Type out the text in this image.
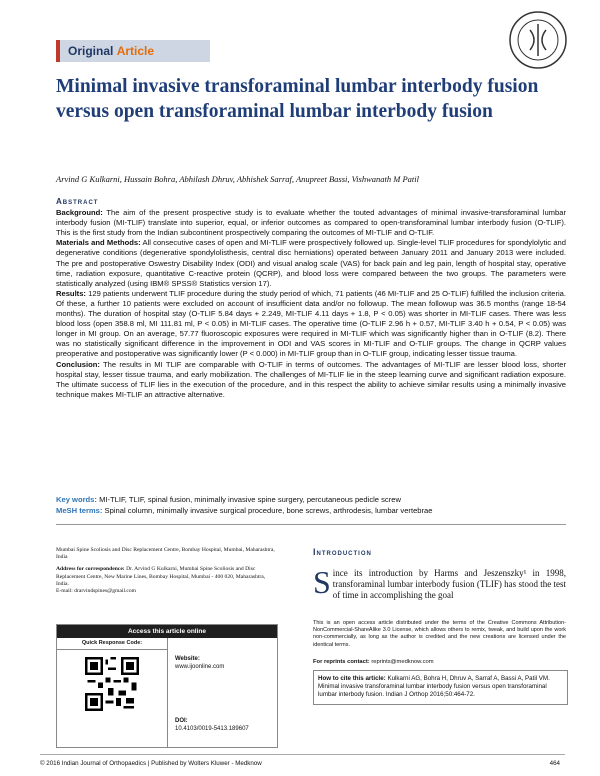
Original Article
Minimal invasive transforaminal lumbar interbody fusion versus open transforaminal lumbar interbody fusion
Arvind G Kulkarni, Hussain Bohra, Abhilash Dhruv, Abhishek Sarraf, Anupreet Bassi, Vishwanath M Patil
Abstract

Background: The aim of the present prospective study is to evaluate whether the touted advantages of minimal invasive-transforaminal lumbar interbody fusion (MI-TLIF) translate into superior, equal, or inferior outcomes as compared to open-transforaminal lumbar interbody fusion (O-TLIF). This is the first study from the Indian subcontinent prospectively comparing the outcomes of MI-TLIF and O-TLIF.

Materials and Methods: All consecutive cases of open and MI-TLIF were prospectively followed up. Single-level TLIF procedures for spondylolytic and degenerative conditions (degenerative spondylolisthesis, central disc herniations) operated between January 2011 and January 2013 were included. The pre and postoperative Oswestry Disability Index (ODI) and visual analog scale (VAS) for back pain and leg pain, length of hospital stay, operative time, radiation exposure, quantitative C-reactive protein (QCRP), and blood loss were compared between the two groups. The parameters were statistically analyzed (using IBM® SPSS® Statistics version 17).

Results: 129 patients underwent TLIF procedure during the study period of which, 71 patients (46 MI-TLIF and 25 O-TLIF) fulfilled the inclusion criteria. Of these, a further 10 patients were excluded on account of insufficient data and/or no followup. The mean followup was 36.5 months (range 18-54 months). The duration of hospital stay (O-TLIF 5.84 days + 2.249, MI-TLIF 4.11 days + 1.8, P < 0.05) was shorter in MI-TLIF cases. There was less blood loss (open 358.8 ml, MI 111.81 ml, P < 0.05) in MI-TLIF cases. The operative time (O-TLIF 2.96 h + 0.57, MI-TLIF 3.40 h + 0.54, P < 0.05) was longer in MI group. On an average, 57.77 fluoroscopic exposures were required in MI-TLIF which was significantly higher than in O-TLIF (8.2). There was no statistically significant difference in the improvement in ODI and VAS scores in MI-TLIF and O-TLIF groups. The change in QCRP values preoperative and postoperative was significantly lower (P < 0.000) in MI-TLIF group than in O-TLIF group, indicating lesser tissue trauma.

Conclusion: The results in MI TLIF are comparable with O-TLIF in terms of outcomes. The advantages of MI-TLIF are lesser blood loss, shorter hospital stay, lesser tissue trauma, and early mobilization. The challenges of MI-TLIF lie in the steep learning curve and significant radiation exposure. The ultimate success of TLIF lies in the execution of the procedure, and in this respect the ability to achieve similar results using a minimally invasive technique makes MI-TLIF an attractive alternative.

Key words: MI-TLIF, TLIF, spinal fusion, minimally invasive spine surgery, percutaneous pedicle screw
MeSH terms: Spinal column, minimally invasive surgical procedure, bone screws, arthrodesis, lumbar vertebrae

Mumbai Spine Scoliosis and Disc Replacement Centre, Bombay Hospital, Mumbai, Maharashtra, India

Address for correspondence: Dr. Arvind G Kulkarni, Mumbai Spine Scoliosis and Disc Replacement Centre, New Marine Lines, Bombay Hospital, Mumbai - 400 020, Maharashtra, India.
E-mail: drarvindspines@gmail.com

Access this article online
Quick Response Code:
Website:
www.ijoonline.com
DOI:
10.4103/0019-5413.189607
Introduction
Since its introduction by Harms and Jeszenszky¹ in 1998, transforaminal lumbar interbody fusion (TLIF) has stood the test of time in accomplishing the goal
This is an open access article distributed under the terms of the Creative Commons Attribution-NonCommercial-ShareAlike 3.0 License, which allows others to remix, tweak, and build upon the work non-commercially, as long as the author is credited and the new creations are licensed under the identical terms.
For reprints contact: reprints@medknow.com
How to cite this article: Kulkarni AG, Bohra H, Dhruv A, Sarraf A, Bassi A, Patil VM. Minimal invasive transforaminal lumbar interbody fusion versus open transforaminal lumbar interbody fusion. Indian J Orthop 2016;50:464-72.
© 2016 Indian Journal of Orthopaedics | Published by Wolters Kluwer - Medknow	464
